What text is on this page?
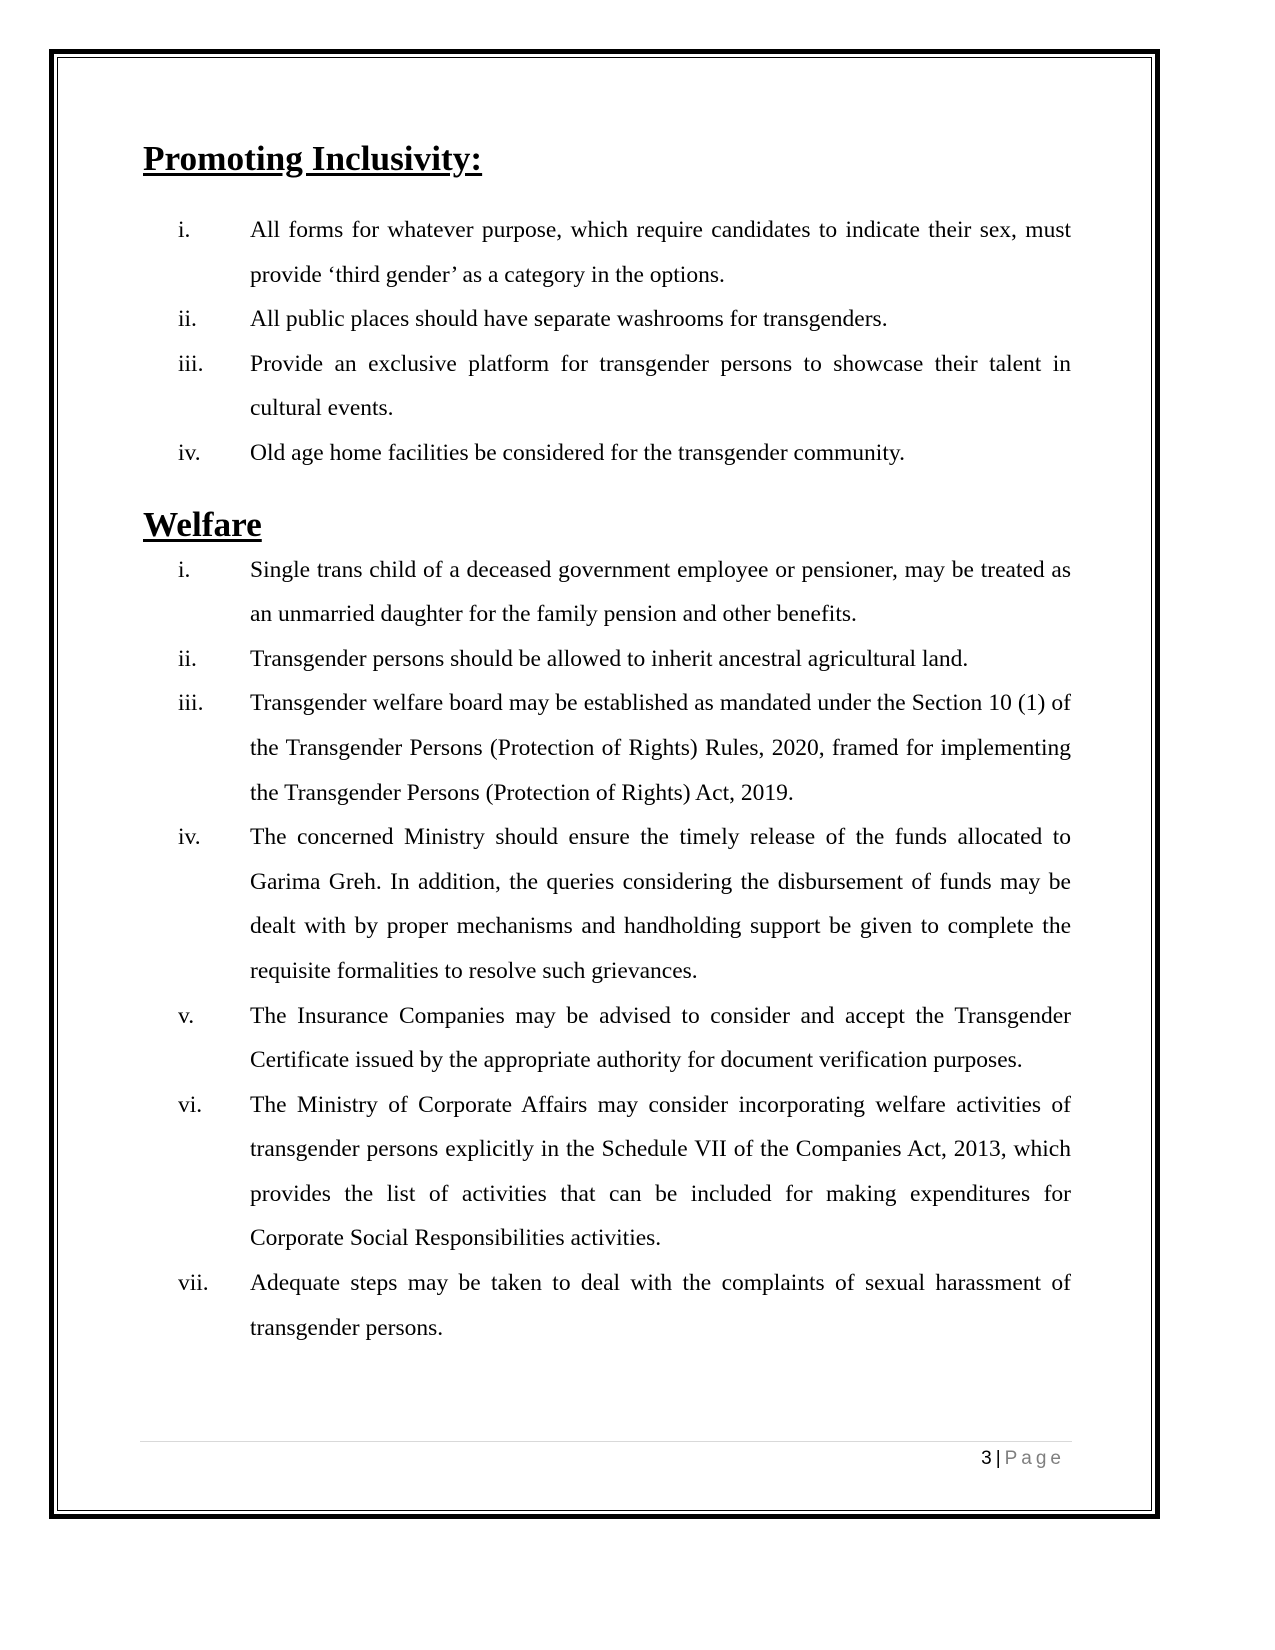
Promoting Inclusivity:
i.	All forms for whatever purpose, which require candidates to indicate their sex, must provide ‘third gender’ as a category in the options.
ii. All public places should have separate washrooms for transgenders.
iii. Provide an exclusive platform for transgender persons to showcase their talent in cultural events.
iv. Old age home facilities be considered for the transgender community.
Welfare
i.	Single trans child of a deceased government employee or pensioner, may be treated as an unmarried daughter for the family pension and other benefits.
ii. Transgender persons should be allowed to inherit ancestral agricultural land.
iii. Transgender welfare board may be established as mandated under the Section 10 (1) of the Transgender Persons (Protection of Rights) Rules, 2020, framed for implementing the Transgender Persons (Protection of Rights) Act, 2019.
iv. The concerned Ministry should ensure the timely release of the funds allocated to Garima Greh. In addition, the queries considering the disbursement of funds may be dealt with by proper mechanisms and handholding support be given to complete the requisite formalities to resolve such grievances.
v. The Insurance Companies may be advised to consider and accept the Transgender Certificate issued by the appropriate authority for document verification purposes.
vi. The Ministry of Corporate Affairs may consider incorporating welfare activities of transgender persons explicitly in the Schedule VII of the Companies Act, 2013, which provides the list of activities that can be included for making expenditures for Corporate Social Responsibilities activities.
vii. Adequate steps may be taken to deal with the complaints of sexual harassment of transgender persons.
3 | Page
